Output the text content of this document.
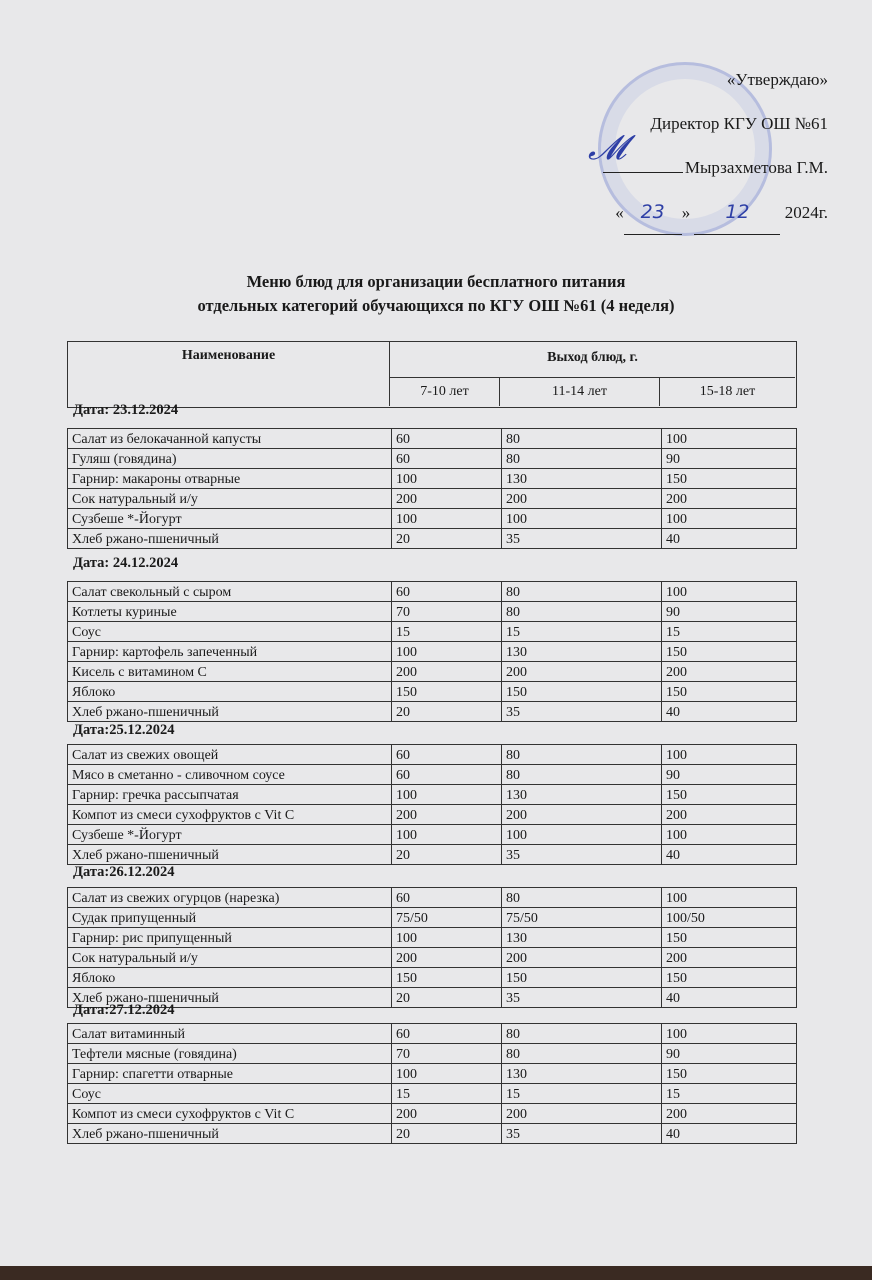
𝓜
«Утверждаю»
Директор КГУ ОШ №61
Мырзахметова Г.М.
« 23 » 12 2024г.
Меню блюд для организации бесплатного питания
отдельных категорий обучающихся по КГУ ОШ №61 (4 неделя)
Наименование	Выход блюд, г.
7-10 лет	11-14 лет	15-18 лет
Дата: 23.12.2024
Салат из белокачанной капусты	60	80	100
Гуляш (говядина)	60	80	90
Гарнир: макароны отварные	100	130	150
Сок натуральный и/у	200	200	200
Сузбеше *-Йогурт	100	100	100
Хлеб ржано-пшеничный	20	35	40
Дата: 24.12.2024
Салат свекольный с сыром	60	80	100
Котлеты куриные	70	80	90
Соус	15	15	15
Гарнир: картофель запеченный	100	130	150
Кисель с витамином С	200	200	200
Яблоко	150	150	150
Хлеб ржано-пшеничный	20	35	40
Дата:25.12.2024
Салат из свежих овощей	60	80	100
Мясо в сметанно - сливочном соусе	60	80	90
Гарнир: гречка рассыпчатая	100	130	150
Компот из смеси сухофруктов с Vit C	200	200	200
Сузбеше *-Йогурт	100	100	100
Хлеб ржано-пшеничный	20	35	40
Дата:26.12.2024
Салат из свежих огурцов (нарезка)	60	80	100
Судак припущенный	75/50	75/50	100/50
Гарнир: рис припущенный	100	130	150
Сок натуральный и/у	200	200	200
Яблоко	150	150	150
Хлеб ржано-пшеничный	20	35	40
Дата:27.12.2024
Салат витаминный	60	80	100
Тефтели мясные (говядина)	70	80	90
Гарнир: спагетти отварные	100	130	150
Соус	15	15	15
Компот из смеси сухофруктов с Vit C	200	200	200
Хлеб ржано-пшеничный	20	35	40
